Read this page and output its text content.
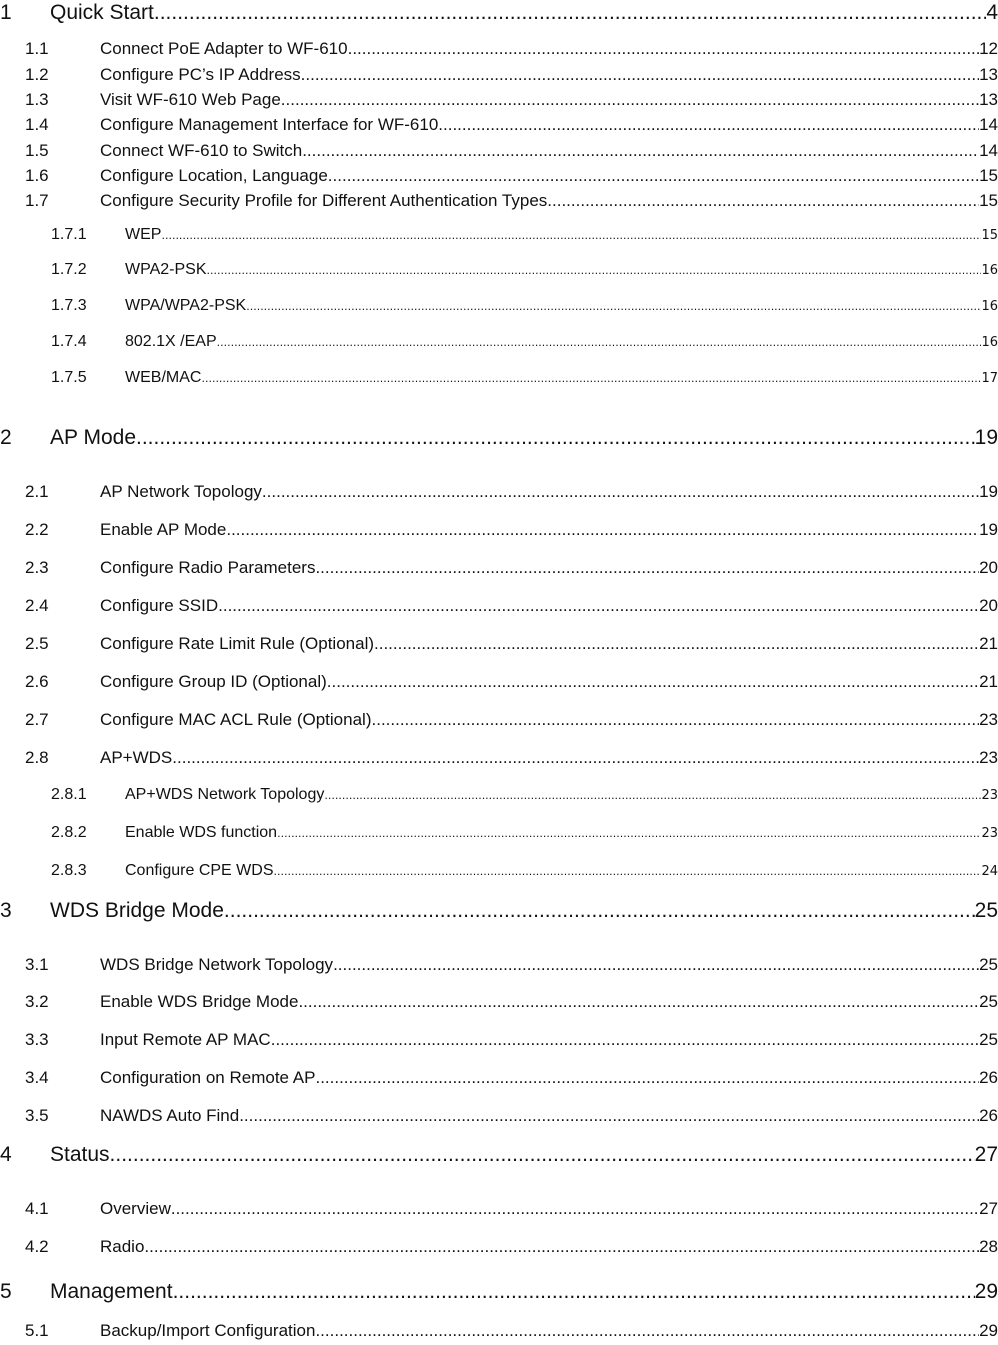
1	Quick Start .....	4
1.1	Connect PoE Adapter to WF-610 .....	12
1.2	Configure PC’s IP Address .....	13
1.3	Visit WF-610 Web Page .....	13
1.4	Configure Management Interface for WF-610 .....	14
1.5	Connect WF-610 to Switch .....	14
1.6	Configure Location, Language .....	15
1.7	Configure Security Profile for Different Authentication Types .....	15
1.7.1	WEP .....	15
1.7.2	WPA2-PSK .....	16
1.7.3	WPA/WPA2-PSK .....	16
1.7.4	802.1X /EAP .....	16
1.7.5	WEB/MAC .....	17
2	AP Mode .....	19
2.1	AP Network Topology .....	19
2.2	Enable AP Mode .....	19
2.3	Configure Radio Parameters .....	20
2.4	Configure SSID .....	20
2.5	Configure Rate Limit Rule (Optional) .....	21
2.6	Configure Group ID (Optional) .....	21
2.7	Configure MAC ACL Rule (Optional) .....	23
2.8	AP+WDS .....	23
2.8.1	AP+WDS Network Topology .....	23
2.8.2	Enable WDS function .....	23
2.8.3	Configure CPE WDS .....	24
3	WDS Bridge Mode .....	25
3.1	WDS Bridge Network Topology .....	25
3.2	Enable WDS Bridge Mode .....	25
3.3	Input Remote AP MAC .....	25
3.4	Configuration on Remote AP .....	26
3.5	NAWDS Auto Find .....	26
4	Status .....	27
4.1	Overview .....	27
4.2	Radio .....	28
5	Management .....	29
5.1	Backup/Import Configuration .....	29
